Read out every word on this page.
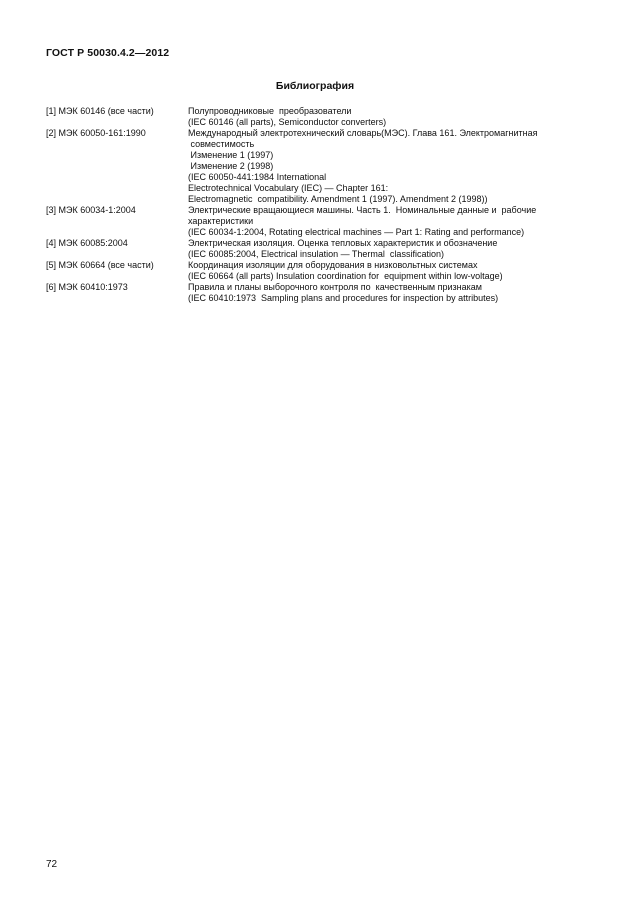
ГОСТ Р 50030.4.2—2012
Библиография
[1] МЭК 60146 (все части)	Полупроводниковые  преобразователи
(IEC 60146 (all parts), Semiconductor converters)
[2] МЭК 60050-161:1990	Международный электротехнический словарь(МЭС). Глава 161. Электромагнитная
совместимость
Изменение 1 (1997)
Изменение 2 (1998)
(IEC 60050-441:1984 International
Electrotechnical Vocabulary (IEC) — Chapter 161:
Electromagnetic  compatibility. Amendment 1 (1997). Amendment 2 (1998))
[3] МЭК 60034-1:2004	Электрические вращающиеся машины. Часть 1.  Номинальные данные и  рабочие
характеристики
(IEC 60034-1:2004, Rotating electrical machines — Part 1: Rating and performance)
[4] МЭК 60085:2004	Электрическая изоляция. Оценка тепловых характеристик и обозначение
(IEC 60085:2004, Electrical insulation — Thermal  classification)
[5] МЭК 60664 (все части)	Координация изоляции для оборудования в низковольтных системах
(IEC 60664 (all parts) Insulation coordination for  equipment within low-voltage)
[6] МЭК 60410:1973	Правила и планы выборочного контроля по  качественным признакам
(IEC 60410:1973  Sampling plans and procedures for inspection by attributes)
72
